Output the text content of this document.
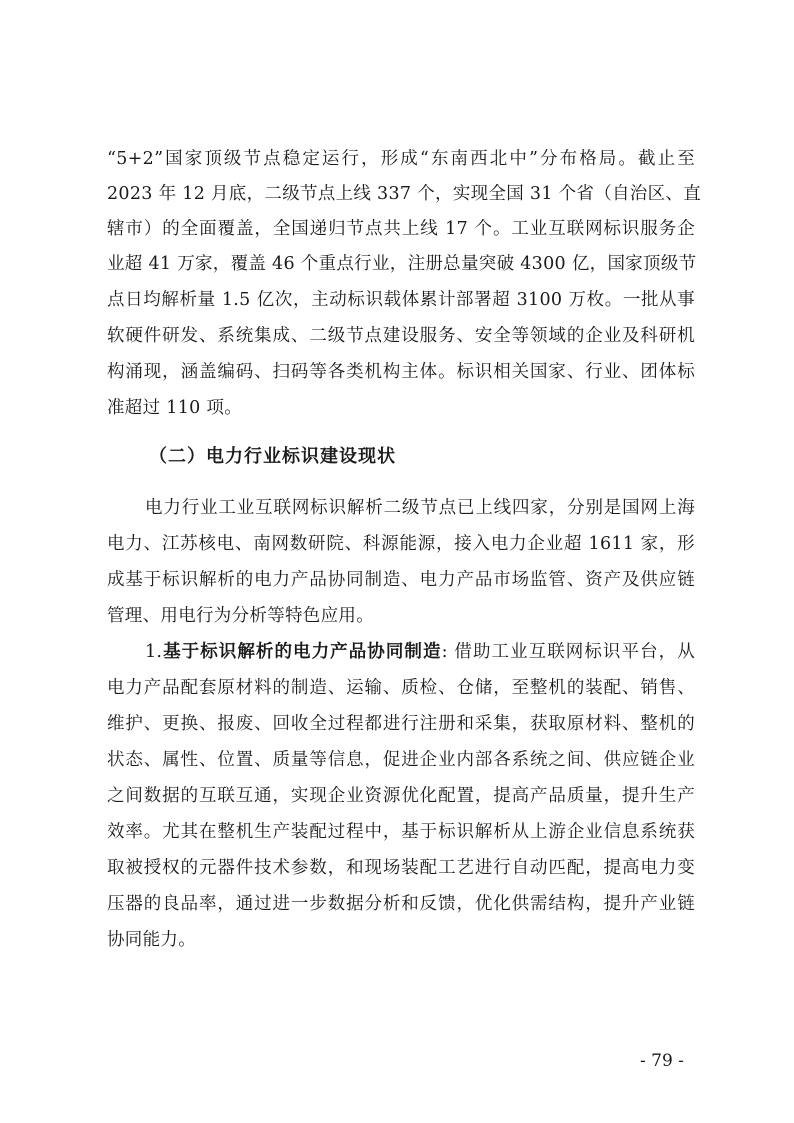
“5+2”国家顶级节点稳定运行，形成“东南西北中”分布格局。截止至
2023 年 12 月底，二级节点上线 337 个，实现全国 31 个省（自治区、直
辖市）的全面覆盖，全国递归节点共上线 17 个。工业互联网标识服务企
业超 41 万家，覆盖 46 个重点行业，注册总量突破 4300 亿，国家顶级节
点日均解析量 1.5 亿次，主动标识载体累计部署超 3100 万枚。一批从事
软硬件研发、系统集成、二级节点建设服务、安全等领域的企业及科研机
构涌现，涵盖编码、扫码等各类机构主体。标识相关国家、行业、团体标
准超过 110 项。
（二）电力行业标识建设现状
电力行业工业互联网标识解析二级节点已上线四家，分别是国网上海
电力、江苏核电、南网数研院、科源能源，接入电力企业超 1611 家，形
成基于标识解析的电力产品协同制造、电力产品市场监管、资产及供应链
管理、用电行为分析等特色应用。
1.基于标识解析的电力产品协同制造: 借助工业互联网标识平台，从
电力产品配套原材料的制造、运输、质检、仓储，至整机的装配、销售、
维护、更换、报废、回收全过程都进行注册和采集，获取原材料、整机的
状态、属性、位置、质量等信息，促进企业内部各系统之间、供应链企业
之间数据的互联互通，实现企业资源优化配置，提高产品质量，提升生产
效率。尤其在整机生产装配过程中，基于标识解析从上游企业信息系统获
取被授权的元器件技术参数，和现场装配工艺进行自动匹配，提高电力变
压器的良品率，通过进一步数据分析和反馈，优化供需结构，提升产业链
协同能力。
- 79 -
